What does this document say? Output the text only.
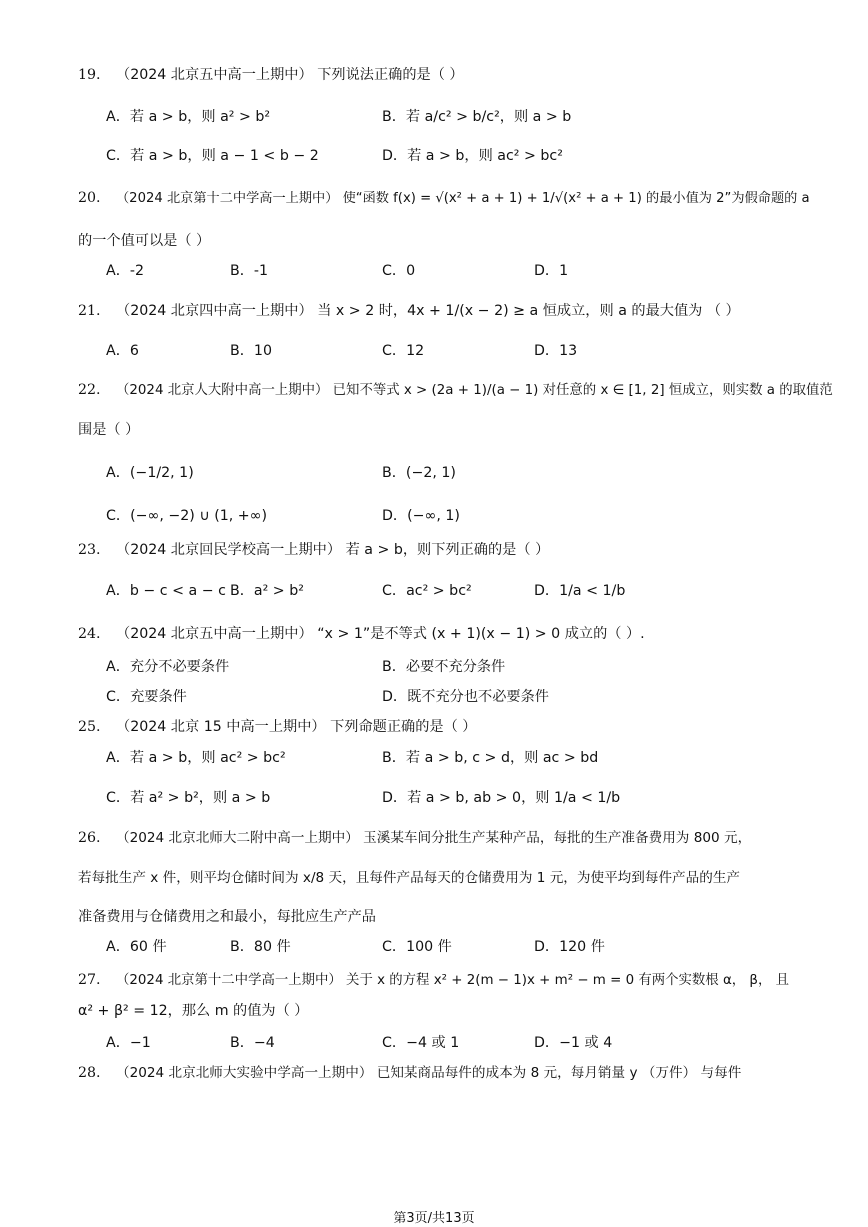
19. （2024 北京五中高一上期中） 下列说法正确的是（ ）
A．若 a > b，则 a² > b²	B．若 a/c² > b/c²，则 a > b
C．若 a > b，则 a − 1 < b − 2	D．若 a > b，则 ac² > bc²
20. （2024 北京第十二中学高一上期中） 使“函数 f(x) = √(x² + a + 1) + 1/√(x² + a + 1) 的最小值为 2”为假命题的 a
的一个值可以是（ ）
A．-2	B．-1	C．0	D．1
21. （2024 北京四中高一上期中） 当 x > 2 时，4x + 1/(x − 2) ≥ a 恒成立，则 a 的最大值为 （ ）
A．6	B．10	C．12	D．13
22. （2024 北京人大附中高一上期中） 已知不等式 x > (2a + 1)/(a − 1) 对任意的 x ∈ [1, 2] 恒成立，则实数 a 的取值范
围是（ ）
A．(−1/2, 1)	B．(−2, 1)
C．(−∞, −2) ∪ (1, +∞)	D．(−∞, 1)
23. （2024 北京回民学校高一上期中） 若 a > b，则下列正确的是（ ）
A．b − c < a − c B．a² > b²	C．ac² > bc²	D．1/a < 1/b
24. （2024 北京五中高一上期中） “x > 1”是不等式 (x + 1)(x − 1) > 0 成立的（ ）.
A．充分不必要条件	B．必要不充分条件
C．充要条件	D．既不充分也不必要条件
25. （2024 北京 15 中高一上期中） 下列命题正确的是（ ）
A．若 a > b，则 ac² > bc²	B．若 a > b, c > d，则 ac > bd
C．若 a² > b²，则 a > b	D．若 a > b, ab > 0，则 1/a < 1/b
26. （2024 北京北师大二附中高一上期中） 玉溪某车间分批生产某种产品，每批的生产准备费用为 800 元，
若每批生产 x 件，则平均仓储时间为 x/8 天，且每件产品每天的仓储费用为 1 元，为使平均到每件产品的生产
准备费用与仓储费用之和最小，每批应生产产品
A．60 件	B．80 件	C．100 件	D．120 件
27. （2024 北京第十二中学高一上期中） 关于 x 的方程 x² + 2(m − 1)x + m² − m = 0 有两个实数根 α， β， 且
α² + β² = 12，那么 m 的值为（ ）
A．−1	B．−4	C．−4 或 1	D．−1 或 4
28. （2024 北京北师大实验中学高一上期中） 已知某商品每件的成本为 8 元，每月销量 y （万件） 与每件
第3页/共13页
